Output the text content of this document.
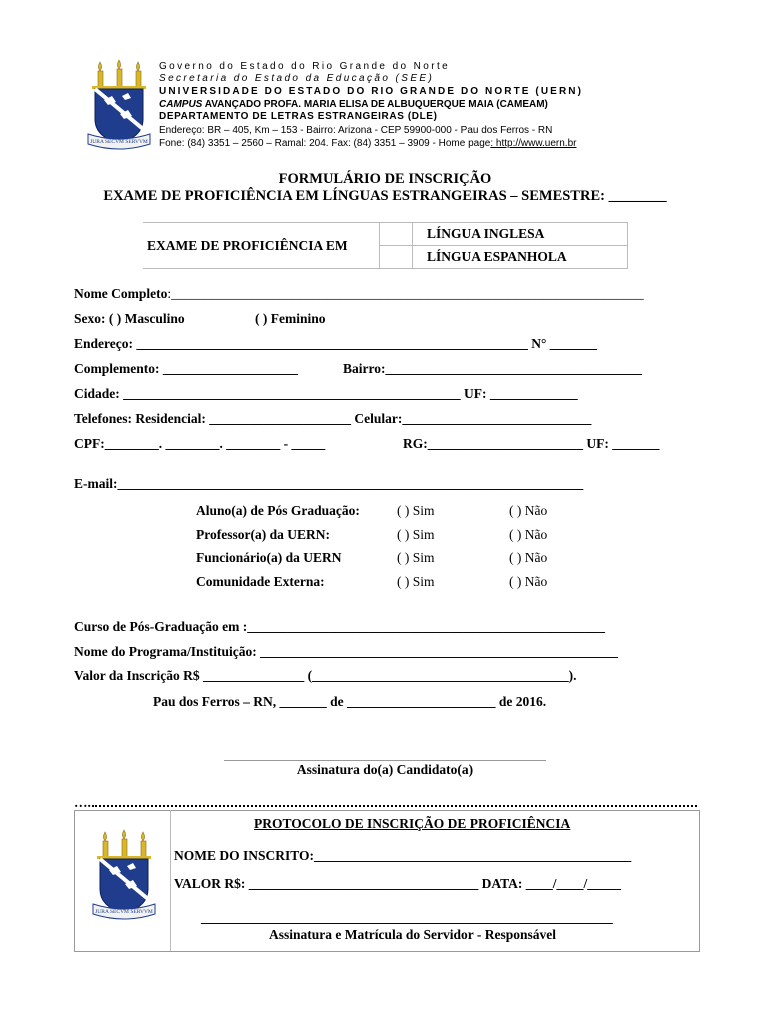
JURA SECVM SERVVM
Governo do Estado do Rio Grande do Norte
Secretaria do Estado da Educação (SEE)
UNIVERSIDADE DO ESTADO DO RIO GRANDE DO NORTE (UERN)
CAMPUS AVANÇADO PROFA. MARIA ELISA DE ALBUQUERQUE MAIA (CAMEAM)
DEPARTAMENTO DE LETRAS ESTRANGEIRAS (DLE)
Endereço: BR – 405, Km – 153 - Bairro: Arizona - CEP 59900-000 - Pau dos Ferros - RN
Fone: (84) 3351 – 2560 – Ramal: 204. Fax: (84) 3351 – 3909 - Home page: http://www.uern.br
FORMULÁRIO DE INSCRIÇÃO
EXAME DE PROFICIÊNCIA EM LÍNGUAS ESTRANGEIRAS – SEMESTRE: ________
EXAME DE PROFICIÊNCIA EM		LÍNGUA INGLESA
		LÍNGUA ESPANHOLA
Nome Completo:______________________________________________________________________
Sexo: ( ) Masculino	( ) Feminino
Endereço: __________________________________________________________ N° _______
Complemento: ____________________	Bairro:______________________________________
Cidade: __________________________________________________ UF: _____________
Telefones: Residencial: _____________________ Celular:____________________________
CPF:________. ________. ________ - _____	RG:_______________________ UF: _______
E-mail:_____________________________________________________________________
Aluno(a) de Pós Graduação:	( ) Sim	( ) Não
Professor(a) da UERN:	( ) Sim	( ) Não
Funcionário(a) da UERN	( ) Sim	( ) Não
Comunidade Externa:	( ) Sim	( ) Não
Curso de Pós-Graduação em :_____________________________________________________
Nome do Programa/Instituição: _____________________________________________________
Valor da Inscrição R$ _______________ (______________________________________).
Pau dos Ferros – RN, _______ de ______________________ de 2016.
Assinatura do(a) Candidato(a)
….
JURA SECVM SERVVM
PROTOCOLO DE INSCRIÇÃO DE PROFICIÊNCIA
NOME DO INSCRITO:_______________________________________________
VALOR R$: __________________________________ DATA: ____/____/_____
_____________________________________________________________
Assinatura e Matrícula do Servidor - Responsável
